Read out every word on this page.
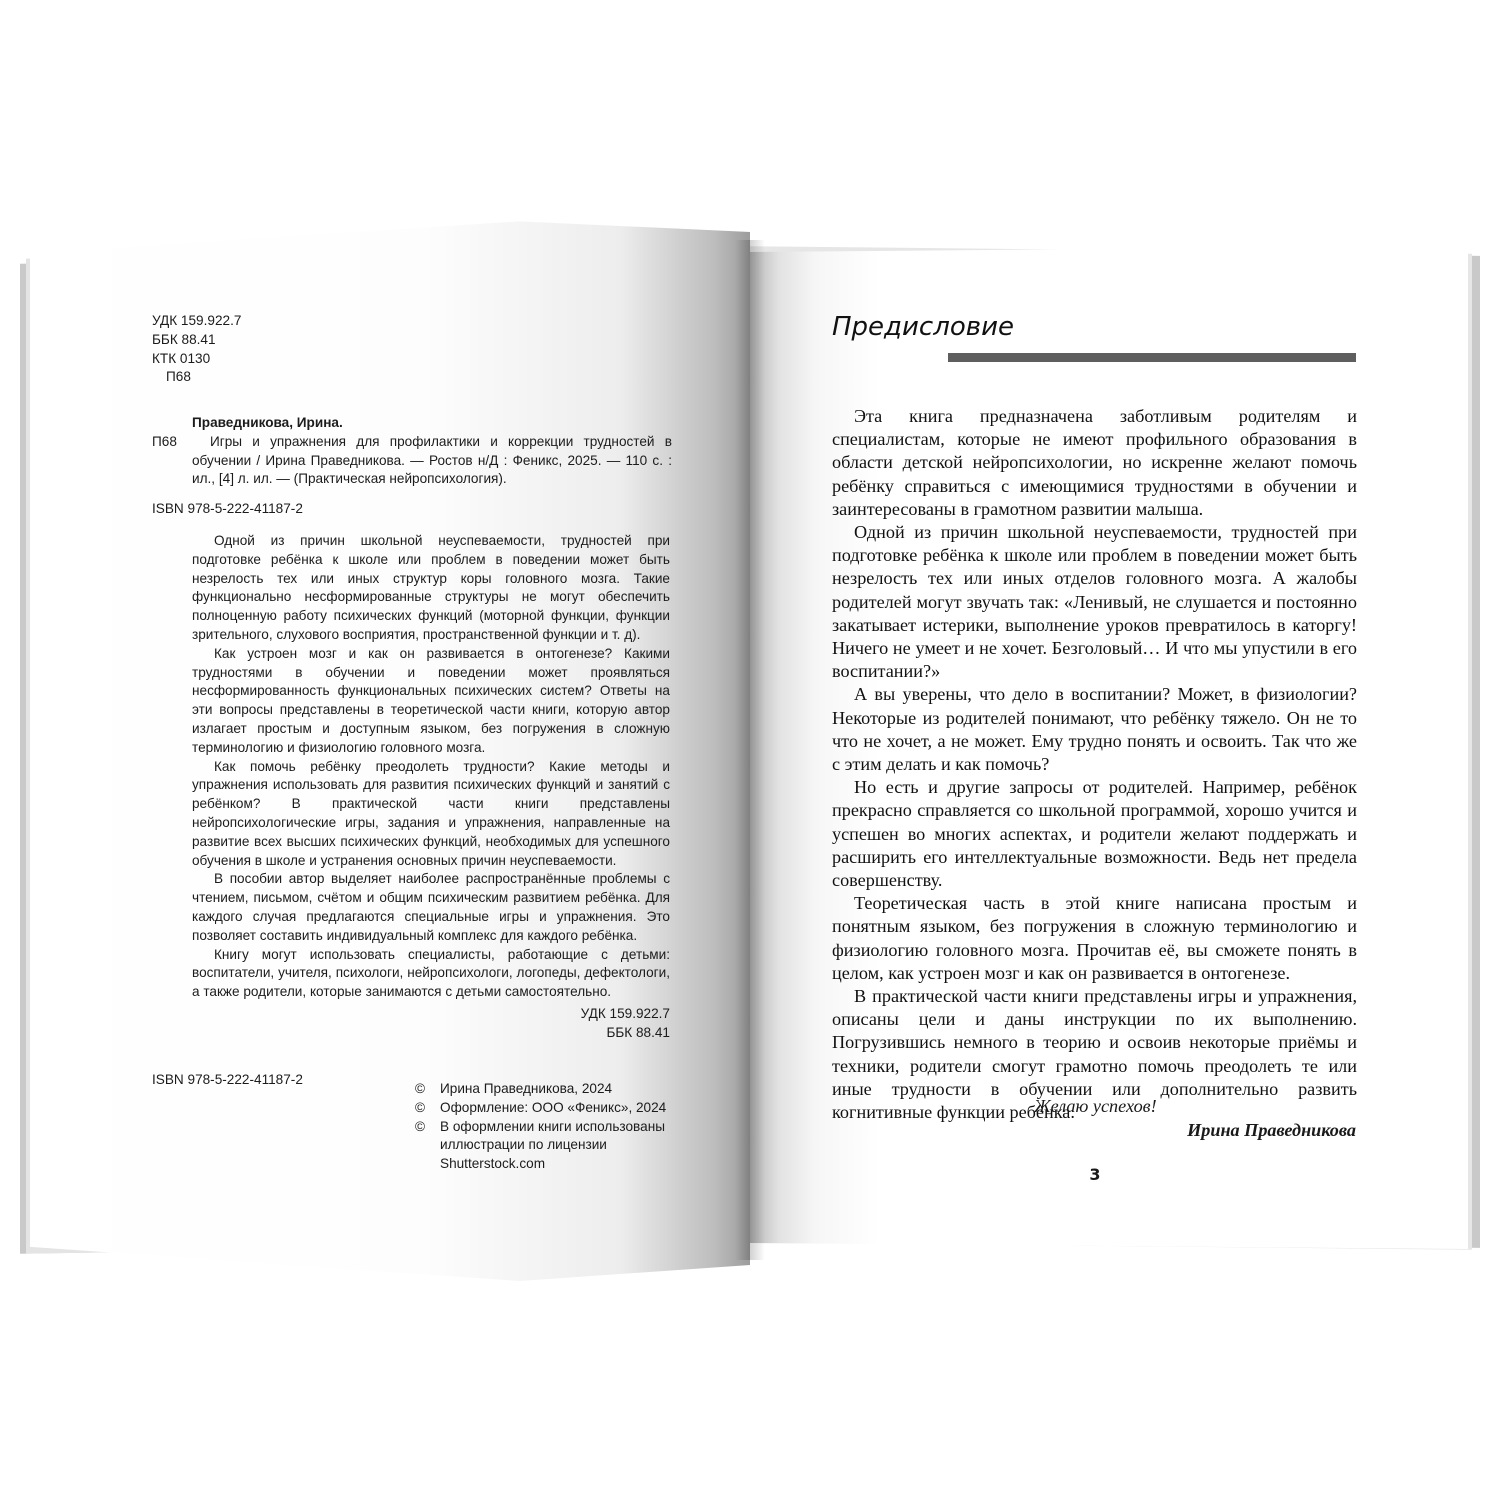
УДК 159.922.7
ББК 88.41
КТК 0130
П68
Праведникова, Ирина.
П68	Игры и упражнения для профилактики и коррекции трудностей в обучении / Ирина Праведникова. — Ростов н/Д : Феникс, 2025. — 110 с. : ил., [4] л. ил. — (Практическая нейропсихология).
ISBN 978-5-222-41187-2

Одной из причин школьной неуспеваемости, трудностей при подготовке ребёнка к школе или проблем в поведении может быть незрелость тех или иных структур коры головного мозга. Такие функционально несформированные структуры не могут обеспечить полноценную работу психических функций (моторной функции, функции зрительного, слухового восприятия, пространственной функции и т. д).

Как устроен мозг и как он развивается в онтогенезе? Какими трудностями в обучении и поведении может проявляться несформированность функциональных психических систем? Ответы на эти вопросы представлены в теоретической части книги, которую автор излагает простым и доступным языком, без погружения в сложную терминологию и физиологию головного мозга.

Как помочь ребёнку преодолеть трудности? Какие методы и упражнения использовать для развития психических функций и занятий с ребёнком? В практической части книги представлены нейропсихологические игры, задания и упражнения, направленные на развитие всех высших психических функций, необходимых для успешного обучения в школе и устранения основных причин неуспеваемости.

В пособии автор выделяет наиболее распространённые проблемы с чтением, письмом, счётом и общим психическим развитием ребёнка. Для каждого случая предлагаются специальные игры и упражнения. Это позволяет составить индивидуальный комплекс для каждого ребёнка.

Книгу могут использовать специалисты, работающие с детьми: воспитатели, учителя, психологи, нейропсихологи, логопеды, дефектологи, а также родители, которые занимаются с детьми самостоятельно.

УДК 159.922.7
ББК 88.41
ISBN 978-5-222-41187-2
©	Ирина Праведникова, 2024
©	Оформление: ООО «Феникс», 2024
©	В оформлении книги использованы иллюстрации по лицензии Shutterstock.com
Предисловие

Эта книга предназначена заботливым родителям и специалистам, которые не имеют профильного образования в области детской нейропсихологии, но искренне желают помочь ребёнку справиться с имеющимися трудностями в обучении и заинтересованы в грамотном развитии малыша.

Одной из причин школьной неуспеваемости, трудностей при подготовке ребёнка к школе или проблем в поведении может быть незрелость тех или иных отделов головного мозга. А жалобы родителей могут звучать так: «Ленивый, не слушается и постоянно закатывает истерики, выполнение уроков превратилось в каторгу! Ничего не умеет и не хочет. Безголовый… И что мы упустили в его воспитании?»

А вы уверены, что дело в воспитании? Может, в физиологии? Некоторые из родителей понимают, что ребёнку тяжело. Он не то что не хочет, а не может. Ему трудно понять и освоить. Так что же с этим делать и как помочь?

Но есть и другие запросы от родителей. Например, ребёнок прекрасно справляется со школьной программой, хорошо учится и успешен во многих аспектах, и родители желают поддержать и расширить его интеллектуальные возможности. Ведь нет предела совершенству.

Теоретическая часть в этой книге написана простым и понятным языком, без погружения в сложную терминологию и физиологию головного мозга. Прочитав её, вы сможете понять в целом, как устроен мозг и как он развивается в онтогенезе.

В практической части книги представлены игры и упражнения, описаны цели и даны инструкции по их выполнению. Погрузившись немного в теорию и освоив некоторые приёмы и техники, родители смогут грамотно помочь преодолеть те или иные трудности в обучении или дополнительно развить когнитивные функции ребёнка.

Желаю успехов!
Ирина Праведникова
3
